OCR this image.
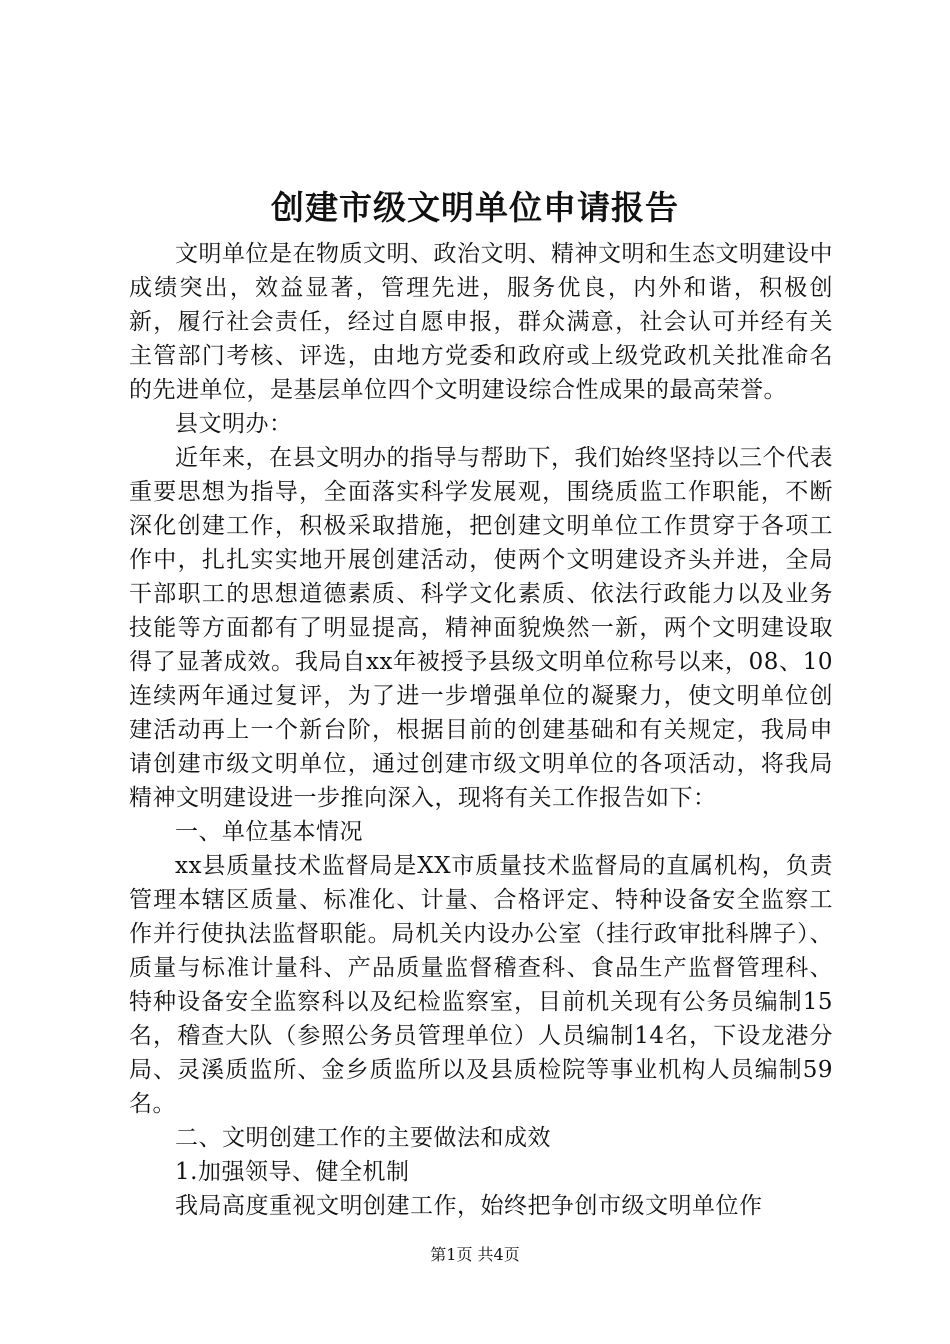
创建市级文明单位申请报告

文明单位是在物质文明、政治文明、精神文明和生态文明建设中成绩突出，效益显著，管理先进，服务优良，内外和谐，积极创新，履行社会责任，经过自愿申报，群众满意，社会认可并经有关主管部门考核、评选，由地方党委和政府或上级党政机关批准命名的先进单位，是基层单位四个文明建设综合性成果的最高荣誉。

县文明办：

近年来，在县文明办的指导与帮助下，我们始终坚持以三个代表重要思想为指导，全面落实科学发展观，围绕质监工作职能，不断深化创建工作，积极采取措施，把创建文明单位工作贯穿于各项工作中，扎扎实实地开展创建活动，使两个文明建设齐头并进，全局干部职工的思想道德素质、科学文化素质、依法行政能力以及业务技能等方面都有了明显提高，精神面貌焕然一新，两个文明建设取得了显著成效。我局自xx年被授予县级文明单位称号以来，08、10连续两年通过复评，为了进一步增强单位的凝聚力，使文明单位创建活动再上一个新台阶，根据目前的创建基础和有关规定，我局申请创建市级文明单位，通过创建市级文明单位的各项活动，将我局精神文明建设进一步推向深入，现将有关工作报告如下：

一、单位基本情况

xx县质量技术监督局是XX市质量技术监督局的直属机构，负责管理本辖区质量、标准化、计量、合格评定、特种设备安全监察工作并行使执法监督职能。局机关内设办公室（挂行政审批科牌子）、质量与标准计量科、产品质量监督稽查科、食品生产监督管理科、特种设备安全监察科以及纪检监察室，目前机关现有公务员编制15名，稽查大队（参照公务员管理单位）人员编制14名，下设龙港分局、灵溪质监所、金乡质监所以及县质检院等事业机构人员编制59名。

二、文明创建工作的主要做法和成效

1.加强领导、健全机制

我局高度重视文明创建工作，始终把争创市级文明单位作

第1页 共4页
